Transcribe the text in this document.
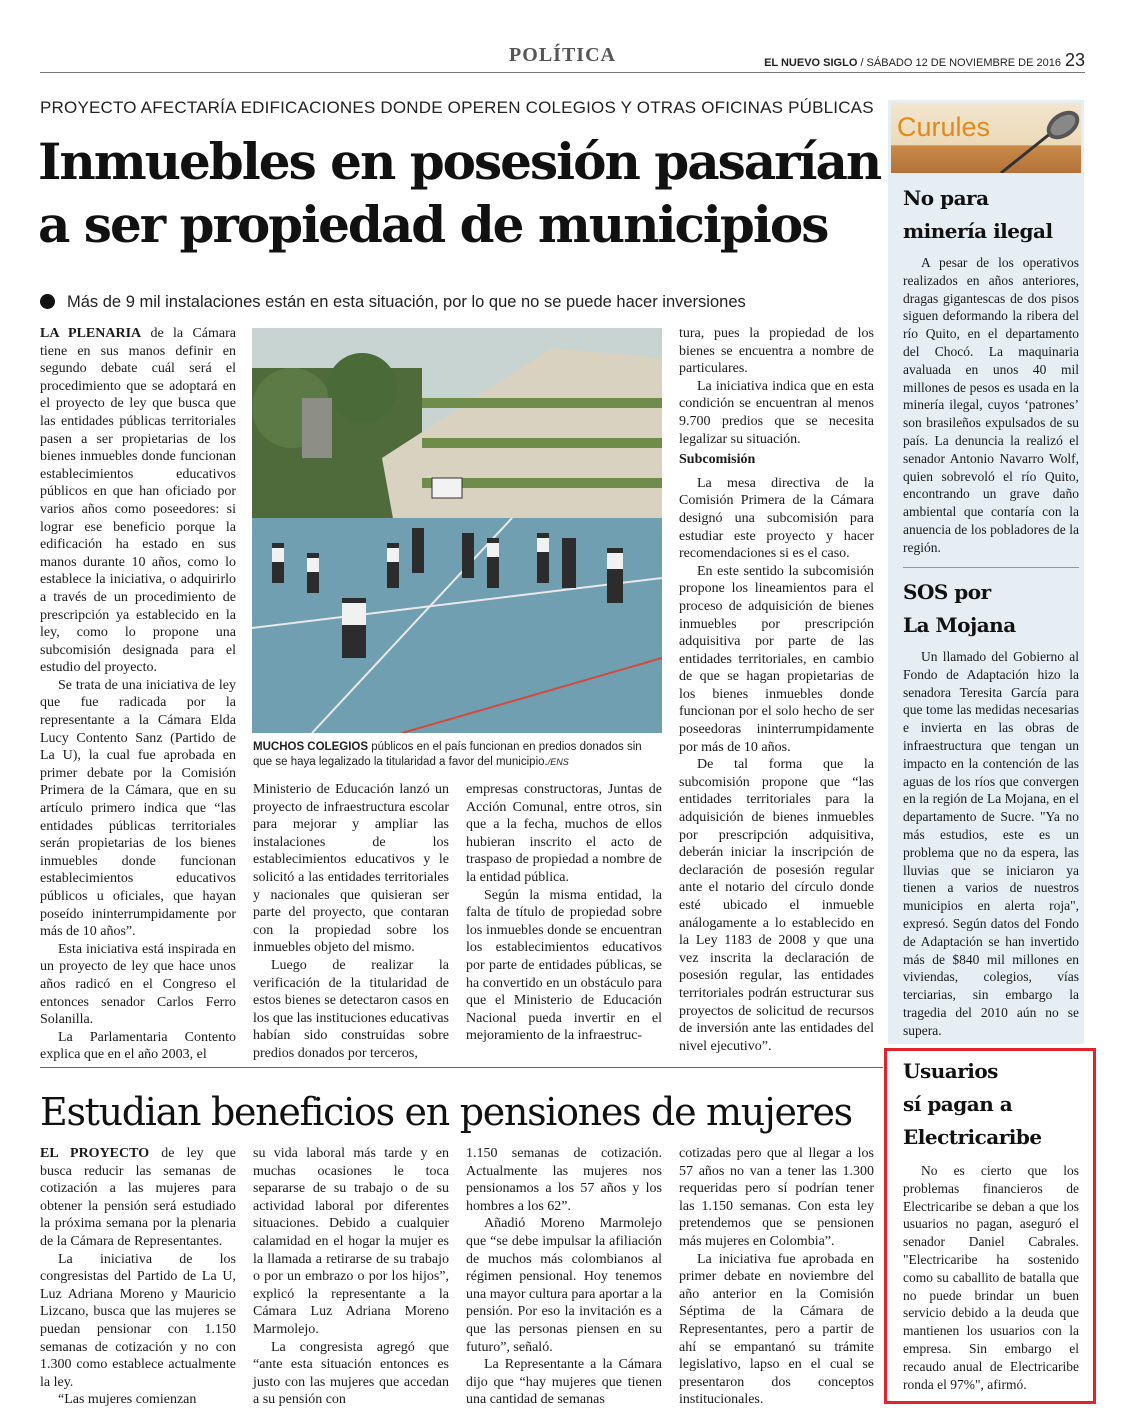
POLÍTICA	EL NUEVO SIGLO / SÁBADO 12 DE NOVIEMBRE DE 2016 23
PROYECTO AFECTARÍA EDIFICACIONES DONDE OPEREN COLEGIOS Y OTRAS OFICINAS PÚBLICAS
Inmuebles en posesión pasarían
a ser propiedad de municipios
Más de 9 mil instalaciones están en esta situación, por lo que no se puede hacer inversiones

LA PLENARIA de la Cámara tiene en sus manos definir en segundo debate cuál será el procedimiento que se adoptará en el proyecto de ley que busca que las entidades públicas territoriales pasen a ser propietarias de los bienes inmuebles donde funcionan establecimientos educativos públicos en que han oficiado por varios años como poseedores: si lograr ese beneficio porque la edificación ha estado en sus manos durante 10 años, como lo establece la iniciativa, o adquirirlo a través de un procedimiento de prescripción ya establecido en la ley, como lo propone una subcomisión designada para el estudio del proyecto.

Se trata de una iniciativa de ley que fue radicada por la representante a la Cámara Elda Lucy Contento Sanz (Partido de La U), la cual fue aprobada en primer debate por la Comisión Primera de la Cámara, que en su artículo primero indica que “las entidades públicas territoriales serán propietarias de los bienes inmuebles donde funcionan establecimientos educativos públicos u oficiales, que hayan poseído ininterrumpidamente por más de 10 años”.

Esta iniciativa está inspirada en un proyecto de ley que hace unos años radicó en el Congreso el entonces senador Carlos Ferro Solanilla.

La Parlamentaria Contento explica que en el año 2003, el

MUCHOS COLEGIOS públicos en el país funcionan en predios donados sin que se haya legalizado la titularidad a favor del municipio./ENS

Ministerio de Educación lanzó un proyecto de infraestructura escolar para mejorar y ampliar las instalaciones de los establecimientos educativos y le solicitó a las entidades territoriales y nacionales que quisieran ser parte del proyecto, que contaran con la propiedad sobre los inmuebles objeto del mismo.

Luego de realizar la verificación de la titularidad de estos bienes se detectaron casos en los que las instituciones educativas habían sido construidas sobre predios donados por terceros,

empresas constructoras, Juntas de Acción Comunal, entre otros, sin que a la fecha, muchos de ellos hubieran inscrito el acto de traspaso de propiedad a nombre de la entidad pública.

Según la misma entidad, la falta de título de propiedad sobre los inmuebles donde se encuentran los establecimientos educativos por parte de entidades públicas, se ha convertido en un obstáculo para que el Ministerio de Educación Nacional pueda invertir en el mejoramiento de la infraestruc-

tura, pues la propiedad de los bienes se encuentra a nombre de particulares.

La iniciativa indica que en esta condición se encuentran al menos 9.700 predios que se necesita legalizar su situación.

Subcomisión

La mesa directiva de la Comisión Primera de la Cámara designó una subcomisión para estudiar este proyecto y hacer recomendaciones si es el caso.

En este sentido la subcomisión propone los lineamientos para el proceso de adquisición de bienes inmuebles por prescripción adquisitiva por parte de las entidades territoriales, en cambio de que se hagan propietarias de los bienes inmuebles donde funcionan por el solo hecho de ser poseedoras ininterrumpidamente por más de 10 años.

De tal forma que la subcomisión propone que “las entidades territoriales para la adquisición de bienes inmuebles por prescripción adquisitiva, deberán iniciar la inscripción de declaración de posesión regular ante el notario del círculo donde esté ubicado el inmueble análogamente a lo establecido en la Ley 1183 de 2008 y que una vez inscrita la declaración de posesión regular, las entidades territoriales podrán estructurar sus proyectos de solicitud de recursos de inversión ante las entidades del nivel ejecutivo”.

Estudian beneficios en pensiones de mujeres

EL PROYECTO de ley que busca reducir las semanas de cotización a las mujeres para obtener la pensión será estudiado la próxima semana por la plenaria de la Cámara de Representantes.

La iniciativa de los congresistas del Partido de La U, Luz Adriana Moreno y Mauricio Lizcano, busca que las mujeres se puedan pensionar con 1.150 semanas de cotización y no con 1.300 como establece actualmente la ley.

“Las mujeres comienzan

su vida laboral más tarde y en muchas ocasiones le toca separarse de su trabajo o de su actividad laboral por diferentes situaciones. Debido a cualquier calamidad en el hogar la mujer es la llamada a retirarse de su trabajo o por un embrazo o por los hijos”, explicó la representante a la Cámara Luz Adriana Moreno Marmolejo.

La congresista agregó que “ante esta situación entonces es justo con las mujeres que accedan a su pensión con

1.150 semanas de cotización. Actualmente las mujeres nos pensionamos a los 57 años y los hombres a los 62”.

Añadió Moreno Marmolejo que “se debe impulsar la afiliación de muchos más colombianos al régimen pensional. Hoy tenemos una mayor cultura para aportar a la pensión. Por eso la invitación es a que las personas piensen en su futuro”, señaló.

La Representante a la Cámara dijo que “hay mujeres que tienen una cantidad de semanas

cotizadas pero que al llegar a los 57 años no van a tener las 1.300 requeridas pero sí podrían tener las 1.150 semanas. Con esta ley pretendemos que se pensionen más mujeres en Colombia”.

La iniciativa fue aprobada en primer debate en noviembre del año anterior en la Comisión Séptima de la Cámara de Representantes, pero a partir de ahí se empantanó su trámite legislativo, lapso en el cual se presentaron dos conceptos institucionales.

Curules
No para
minería ilegal

A pesar de los operativos realizados en años anteriores, dragas gigantescas de dos pisos siguen deformando la ribera del río Quito, en el departamento del Chocó. La maquinaria avaluada en unos 40 mil millones de pesos es usada en la minería ilegal, cuyos ‘patrones’ son brasileños expulsados de su país. La denuncia la realizó el senador Antonio Navarro Wolf, quien sobrevoló el río Quito, encontrando un grave daño ambiental que contaría con la anuencia de los pobladores de la región.

SOS por
La Mojana

Un llamado del Gobierno al Fondo de Adaptación hizo la senadora Teresita García para que tome las medidas necesarias e invierta en las obras de infraestructura que tengan un impacto en la contención de las aguas de los ríos que convergen en la región de La Mojana, en el departamento de Sucre. "Ya no más estudios, este es un problema que no da espera, las lluvias que se iniciaron ya tienen a varios de nuestros municipios en alerta roja", expresó. Según datos del Fondo de Adaptación se han invertido más de $840 mil millones en viviendas, colegios, vías terciarias, sin embargo la tragedia del 2010 aún no se supera.

Usuarios
sí pagan a
Electricaribe

No es cierto que los problemas financieros de Electricaribe se deban a que los usuarios no pagan, aseguró el senador Daniel Cabrales. "Electricaribe ha sostenido como su caballito de batalla que no puede brindar un buen servicio debido a la deuda que mantienen los usuarios con la empresa. Sin embargo el recaudo anual de Electricaribe ronda el 97%", afirmó.
